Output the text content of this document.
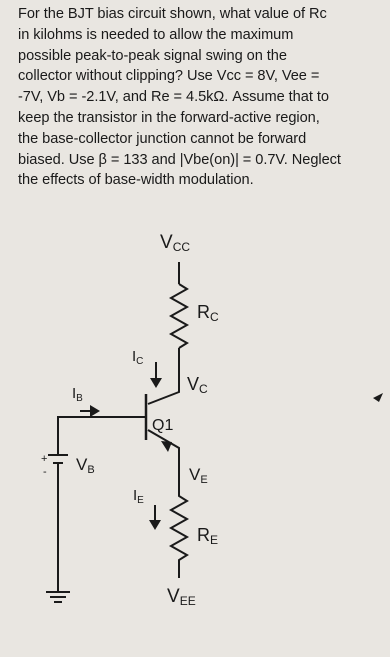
For the BJT bias circuit shown, what value of Rc
in kilohms is needed to allow the maximum
possible peak-to-peak signal swing on the
collector without clipping? Use Vcc = 8V, Vee =
-7V, Vb = -2.1V, and Re = 4.5kΩ. Assume that to
keep the transistor in the forward-active region,
the base-collector junction cannot be forward
biased. Use β = 133 and |Vbe(on)| = 0.7V. Neglect
the effects of base-width modulation.
VCC
RC
VC
$I_C$
Q1
$I_B$
+
- VB	VE
$I_E$
RE
VEE
